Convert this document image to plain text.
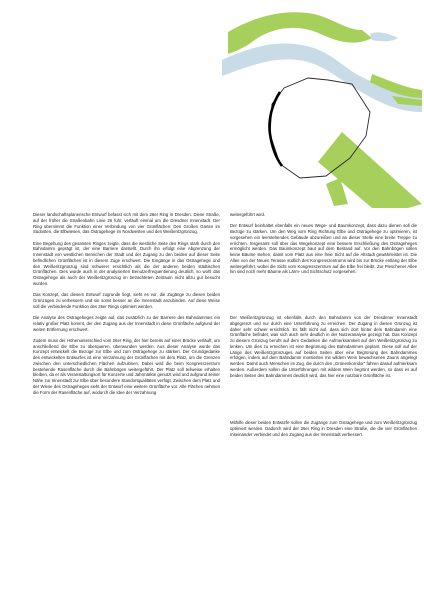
Dieser landschaftsplanerische Entwurf befasst sich mit dem 26er Ring in Dresden. Diese Straße, auf der früher die Straßenbahn Linie 26 fuhr, verläuft einmal um die Dresdner Innenstadt. Der Ring übernimmt die Funktion einer Verbindung von vier Grünflächen: Den Großen Garten im Südosten, die Elbwiesen, das Ostragehege im Nordwesten und den Weißeritzgrünzug.

Eine Begehung des gesamten Ringes zeigte, dass die westliche Seite des Rings stark durch den Bahndamm geprägt ist, der eine Barriere darstellt. Durch ihn erfolgt eine Abgrenzung der Innenstadt von westlichen Bereichen der Stadt und der Zugang zu den beiden auf dieser Seite befindlichen Grünflächen ist in diesem Zuge erschwert. Die Eingänge in das Ostragehege und den Weißeritzgrünzug sind schwerer ersichtlich als die der anderen beiden städtischen Grünflächen. Dies wurde auch in der analysierten Benutzerfrequentierung deutlich, so wohl das Ostragehege als auch der Weißeritzgrünzug im betrachteten Zeitraum nicht allzu gut besucht wurden.

Das Konzept, das diesem Entwurf zugrunde liegt, sieht es vor, die Zugänge zu diesen beiden Grünzügen zu verbessern und sie somit besser an die Innenstadt anzubinden. Auf diese Weise soll die verbindende Funktion des 26er Rings optimiert werden.

Die Analyse des Ostrageheges zeigte auf, das zusätzlich zu der Barriere des Bahndammes ein relativ großer Platz kommt, der den Zugang aus der Innenstadt in diese Grünfläche aufgrund der weiten Entfernung erschwert.

Zudem muss der Höhenunterschied vom 26er Ring, der hier bereits auf einer Brücke verläuft, um anschließend die Elbe zu überqueren, überwunden werden. Aus dieser Analyse wurde das Konzept entwickelt die Bezüge zur Elbe und zum Ostragehege zu stärken. Der Grundgedanke des entwickelten Entwurfes ist eine Verzahnung der Grünflächen mit dem Platz, um die Grenzen zwischen den unterschiedlichen Flächen aufzulösen. Dabei wird die beim Kongresszentrum bestehende Rasenfläche durch die Bahnbögen weitergeführt. Der Platz soll teilweise erhalten bleiben, da er als Veranstaltungsort für Konzerte und Jahrmärkte genutzt wird und aufgrund seiner Nähe zur Innenstadt zur Elbe über besondere Standortqualitäten verfügt. Zwischen dem Platz und der Wiese des Ostrageheges sieht der Entwurf eine weitere Grünfläche vor. Alle Flächen nehmen die Form der Rasenfläche auf, wodurch die Idee der Verzahnung

weitergeführt wird.

Der Entwurf beinhaltet ebenfalls ein neues Wege- und Baumkonzept, dass dazu dienen soll die Bezüge zu stärken. Um den Weg vom Ring Richtung Elbe und Ostragehege zu optimieren, ist vorgesehen ein leerstehendes Gebäude abzureißen und an dieser Stelle eine breite Treppe zu errichten. Insgesamt soll über das Wegekonzept eine bessere Erschließung des Ostrageheges ermöglicht werden. Das Baumkonzept baut auf dem Bestand auf. Vor den Bahnbögen sollen keine Bäume stehen, damit vom Platz aus eine freie Sicht auf die Altstadt gewährleistet ist. Die Allee von der Neuen Terasse südlich des Kongresszentrums wird bis zur Brücke entlang der Elbe weitergeführt, wobei die Sicht vom Kongresszentrum auf die Elbe frei bleibt. Zur Pieschener Allee hin sind noch mehr Bäume als Lärm- und Sichtschutz vorgesehen.

Der Weißeritzgrünzug ist ebenfalls durch den Bahndamm von der Dresdener Innenstadt abgegrenzt und nur durch eine Unterführung zu erreichen. Der Zugang in diesen Grünzug ist daher sehr schwer ersichtlich. Es fällt nicht auf, dass sich dort hinter dem Bahndamm eine Grünfläche befindet, was sich auch sehr deutlich in der Nutzeranalyse gezeigt hat. Das Konzept zu diesem Grünzug beruht auf dem Gedanken die Aufmerksamkeit auf den Weißeritzgrünzug zu lenken. Um dies zu erreichen ist eine Begrünung des Bahndammes geplant. Diese soll auf der Länge des Weißeritzgrünzuges auf beiden Seiten über eine Begrünung des Bahndammes erfolgen, indem auf dem Bahndamm montierten mit wildem Wein bewachsenen Zauns angelegt werden. Damit auch Menschen im Zug, die durch den „Grünenkorridor" fahren darauf aufmerksam werden. Außerdem sollen die Unterführungen mit wildem Wein begrünt werden, so dass es auf beiden Seiten des Bahndammes deutlich wird, das hier eine nutzbare Grünfläche ist.

Mithilfe dieser beiden Entwürfe sollen die Zugänge zum Ostragehege und zum Weißeritzgrünzug optimiert werden. Dadurch wird der 26er Ring in Dresden eine Straße, die die vier Grünflächen miteinander verbindet und den Zugang aus der Innenstadt verbessert.
